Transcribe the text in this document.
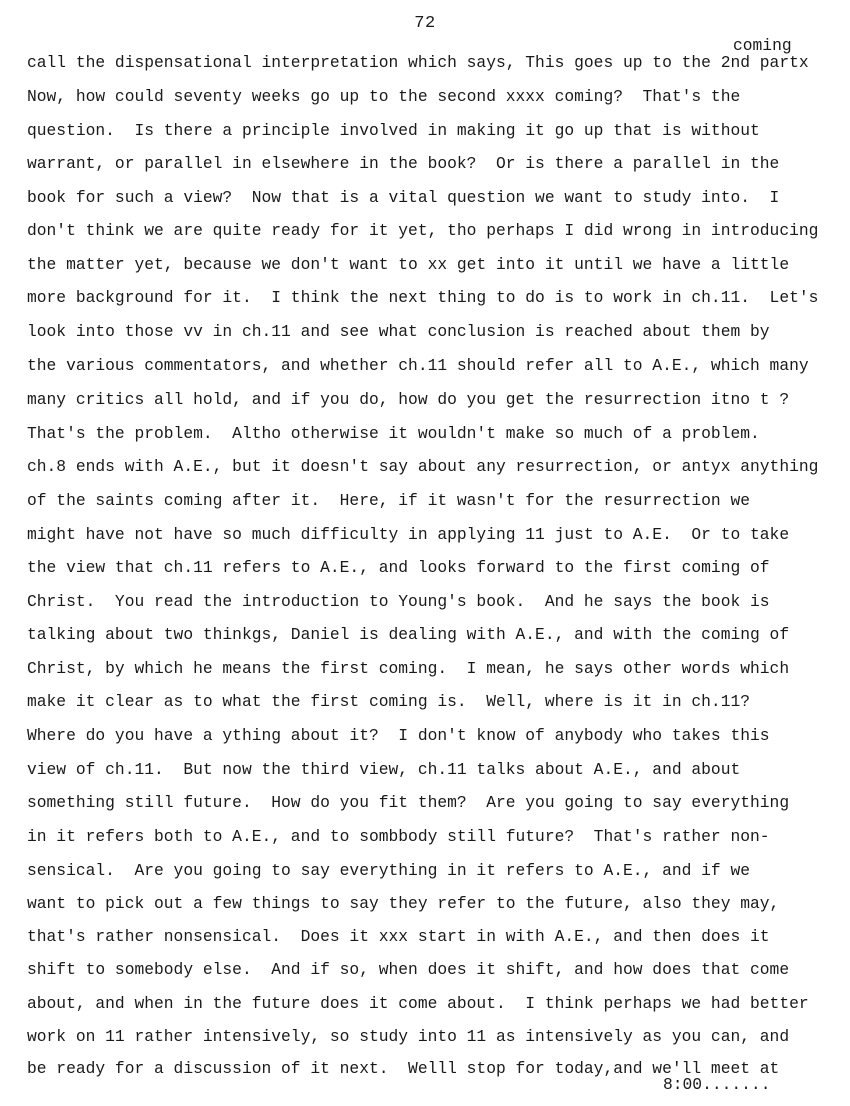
72
coming
call the dispensational interpretation which says, This goes up to the 2nd partx
Now, how could seventy weeks go up to the second xxxx coming?  That's the
question.  Is there a principle involved in making it go up that is without
warrant, or parallel in elsewhere in the book?  Or is there a parallel in the
book for such a view?  Now that is a vital question we want to study into.  I
don't think we are quite ready for it yet, tho perhaps I did wrong in introducing
the matter yet, because we don't want to xx get into it until we have a little
more background for it.  I think the next thing to do is to work in ch.11.  Let's
look into those vv in ch.11 and see what conclusion is reached about them by
the various commentators, and whether ch.11 should refer all to A.E., which many
many critics all hold, and if you do, how do you get the resurrection itno t ?
That's the problem.  Altho otherwise it wouldn't make so much of a problem.
ch.8 ends with A.E., but it doesn't say about any resurrection, or antyx anything
of the saints coming after it.  Here, if it wasn't for the resurrection we
might have not have so much difficulty in applying 11 just to A.E.  Or to take
the view that ch.11 refers to A.E., and looks forward to the first coming of
Christ.  You read the introduction to Young's book.  And he says the book is
talking about two thinkgs, Daniel is dealing with A.E., and with the coming of
Christ, by which he means the first coming.  I mean, he says other words which
make it clear as to what the first coming is.  Well, where is it in ch.11?
Where do you have a ything about it?  I don't know of anybody who takes this
view of ch.11.  But now the third view, ch.11 talks about A.E., and about
something still future.  How do you fit them?  Are you going to say everything
in it refers both to A.E., and to sombbody still future?  That's rather non-
sensical.  Are you going to say everything in it refers to A.E., and if we
want to pick out a few things to say they refer to the future, also they may,
that's rather nonsensical.  Does it xxx start in with A.E., and then does it
shift to somebody else.  And if so, when does it shift, and how does that come
about, and when in the future does it come about.  I think perhaps we had better
work on 11 rather intensively, so study into 11 as intensively as you can, and
be ready for a discussion of it next.  Welll stop for today,and we'll meet at
8:00.......
